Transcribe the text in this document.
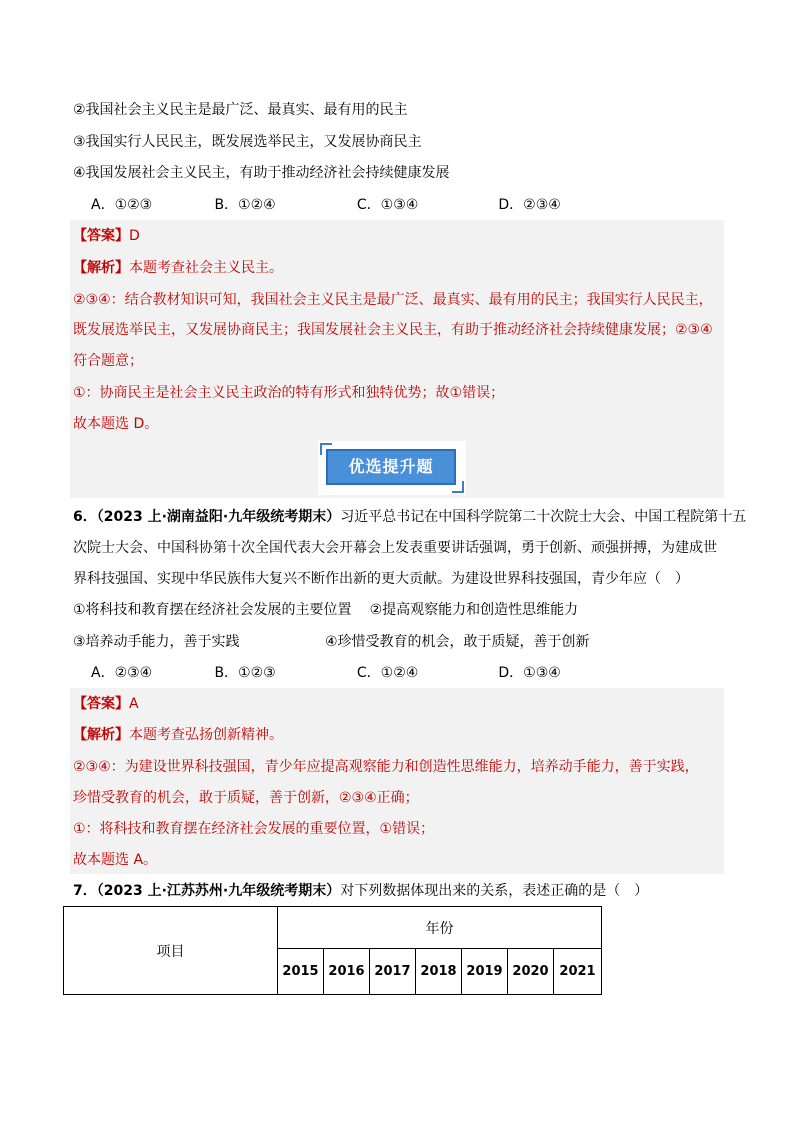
②我国社会主义民主是最广泛、最真实、最有用的民主
③我国实行人民民主，既发展选举民主，又发展协商民主
④我国发展社会主义民主，有助于推动经济社会持续健康发展
A．①②③	B．①②④	C．①③④	D．②③④
【答案】D
【解析】本题考查社会主义民主。
②③④：结合教材知识可知，我国社会主义民主是最广泛、最真实、最有用的民主；我国实行人民民主，
既发展选举民主，又发展协商民主；我国发展社会主义民主，有助于推动经济社会持续健康发展；②③④
符合题意；
①：协商民主是社会主义民主政治的特有形式和独特优势；故①错误；
故本题选 D。
优选提升题
6．（2023 上·湖南益阳·九年级统考期末）习近平总书记在中国科学院第二十次院士大会、中国工程院第十五
次院士大会、中国科协第十次全国代表大会开幕会上发表重要讲话强调，勇于创新、顽强拼搏，为建成世
界科技强国、实现中华民族伟大复兴不断作出新的更大贡献。为建设世界科技强国，青少年应（　）
①将科技和教育摆在经济社会发展的主要位置 ②提高观察能力和创造性思维能力
③培养动手能力，善于实践	④珍惜受教育的机会，敢于质疑，善于创新
A．②③④	B．①②③	C．①②④	D．①③④
【答案】A
【解析】本题考查弘扬创新精神。
②③④：为建设世界科技强国，青少年应提高观察能力和创造性思维能力，培养动手能力，善于实践，
珍惜受教育的机会，敢于质疑，善于创新，②③④正确；
①：将科技和教育摆在经济社会发展的重要位置，①错误；
故本题选 A。
7．（2023 上·江苏苏州·九年级统考期末）对下列数据体现出来的关系，表述正确的是（　）
项目	年份						
	2015	2016	2017	2018	2019	2020	2021
